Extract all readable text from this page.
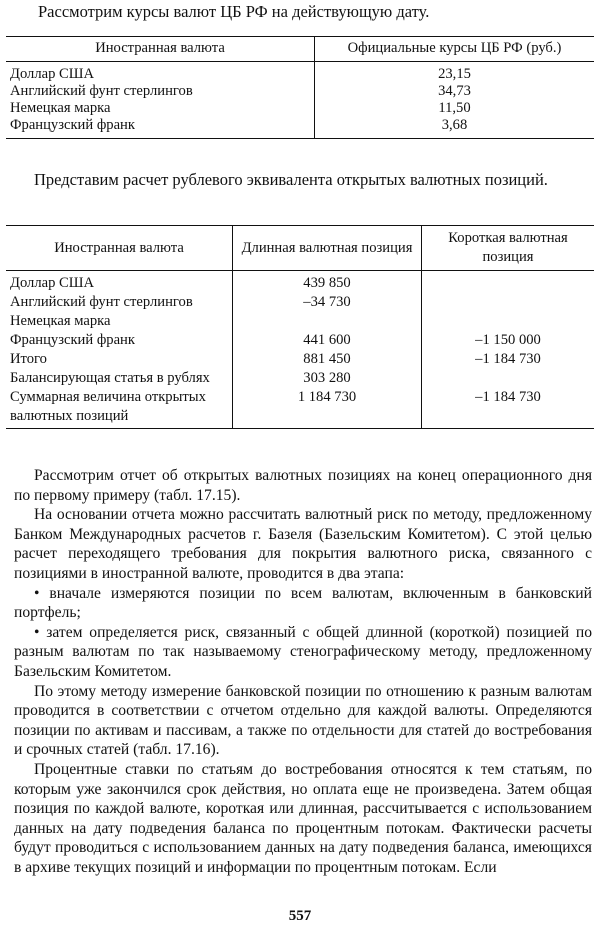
Рассмотрим курсы валют ЦБ РФ на действующую дату.
Иностранная валюта	Официальные курсы ЦБ РФ (руб.)
Доллар США	23,15
Английский фунт стерлингов	34,73
Немецкая марка	11,50
Французский франк	3,68
Представим расчет рублевого эквивалента открытых валютных позиций.
Иностранная валюта	Длинная валютная позиция	Короткая валютная позиция
Доллар США	439 850	
Английский фунт стерлингов	–34 730	
Немецкая марка		
Французский франк	441 600	–1 150 000
Итого	881 450	–1 184 730
Балансирующая статья в рублях	303 280	
Суммарная величина открытых валютных позиций	1 184 730	–1 184 730
Рассмотрим отчет об открытых валютных позициях на конец операционного дня по первому примеру (табл. 17.15).
На основании отчета можно рассчитать валютный риск по методу, предложенному Банком Международных расчетов г. Базеля (Базельским Комитетом). С этой целью расчет переходящего требования для покрытия валютного риска, связанного с позициями в иностранной валюте, проводится в два этапа:
• вначале измеряются позиции по всем валютам, включенным в банковский портфель;
• затем определяется риск, связанный с общей длинной (короткой) позицией по разным валютам по так называемому стенографическому методу, предложенному Базельским Комитетом.
По этому методу измерение банковской позиции по отношению к разным валютам проводится в соответствии с отчетом отдельно для каждой валюты. Определяются позиции по активам и пассивам, а также по отдельности для статей до востребования и срочных статей (табл. 17.16).
Процентные ставки по статьям до востребования относятся к тем статьям, по которым уже закончился срок действия, но оплата еще не произведена. Затем общая позиция по каждой валюте, короткая или длинная, рассчитывается с использованием данных на дату подведения баланса по процентным потокам. Фактически расчеты будут проводиться с использованием данных на дату подведения баланса, имеющихся в архиве текущих позиций и информации по процентным потокам. Если
557
